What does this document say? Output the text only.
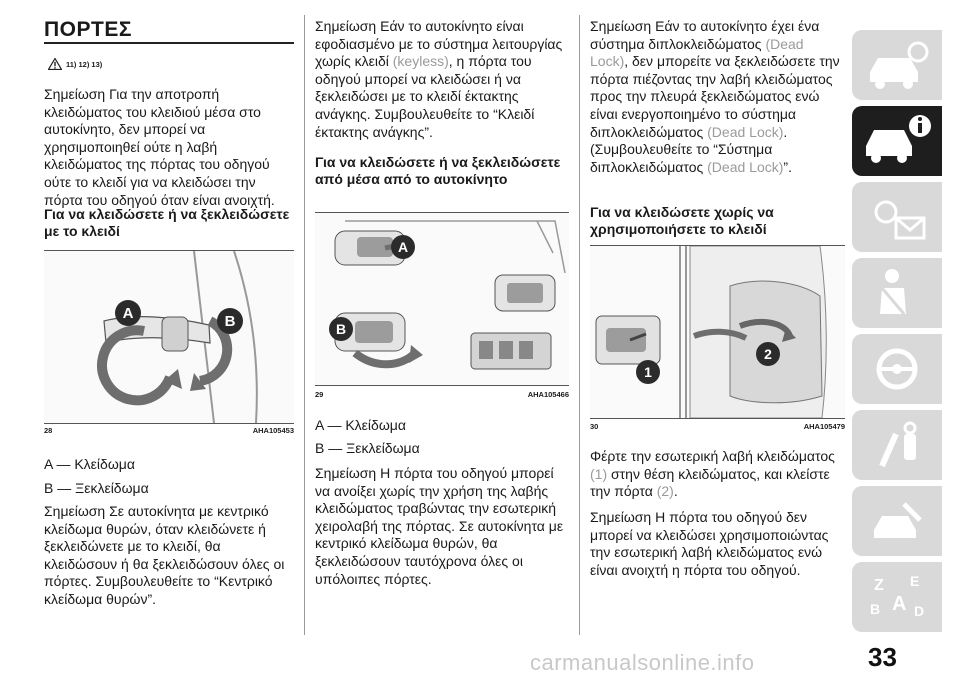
ΠΟΡΤΕΣ
11) 12) 13)

Σημείωση Για την αποτροπή κλειδώματος του κλειδιού μέσα στο αυτοκίνητο, δεν μπορεί να χρησιμοποιηθεί ούτε η λαβή κλειδώματος της πόρτας του οδηγού ούτε το κλειδί για να κλειδώσει την πόρτα του οδηγού όταν είναι ανοιχτή.

Για να κλειδώσετε ή να ξεκλειδώσετε με το κλειδί

A	B
28	AHA105453

A — Κλείδωμα

B — Ξεκλείδωμα

Σημείωση Σε αυτοκίνητα με κεντρικό κλείδωμα θυρών, όταν κλειδώνετε ή ξεκλειδώνετε με το κλειδί, θα κλειδώσουν ή θα ξεκλειδώσουν όλες οι πόρτες. Συμβουλευθείτε το “Κεντρικό κλείδωμα θυρών”.

Σημείωση Εάν το αυτοκίνητο είναι εφοδιασμένο με το σύστημα λειτουργίας χωρίς κλειδί (keyless), η πόρτα του οδηγού μπορεί να κλειδώσει ή να ξεκλειδώσει με το κλειδί έκτακτης ανάγκης. Συμβουλευθείτε το “Κλειδί έκτακτης ανάγκης”.

Για να κλειδώσετε ή να ξεκλειδώσετε από μέσα από το αυτοκίνητο

A
B
29	AHA105466

A — Κλείδωμα

B — Ξεκλείδωμα

Σημείωση Η πόρτα του οδηγού μπορεί να ανοίξει χωρίς την χρήση της λαβής κλειδώματος τραβώντας την εσωτερική χειρολαβή της πόρτας. Σε αυτοκίνητα με κεντρικό κλείδωμα θυρών, θα ξεκλειδώσουν ταυτόχρονα όλες οι υπόλοιπες πόρτες.

Σημείωση Εάν το αυτοκίνητο έχει ένα σύστημα διπλοκλειδώματος (Dead Lock), δεν μπορείτε να ξεκλειδώσετε την πόρτα πιέζοντας την λαβή κλειδώματος προς την πλευρά ξεκλειδώματος ενώ είναι ενεργοποιημένο το σύστημα διπλοκλειδώματος (Dead Lock). (Συμβουλευθείτε το “Σύστημα διπλοκλειδώματος (Dead Lock)”.

Για να κλειδώσετε χωρίς να χρησιμοποιήσετε το κλειδί

1
2
30	AHA105479

Φέρτε την εσωτερική λαβή κλειδώματος (1) στην θέση κλειδώματος, και κλείστε την πόρτα (2).

Σημείωση Η πόρτα του οδηγού δεν μπορεί να κλειδώσει χρησιμοποιώντας την εσωτερική λαβή κλειδώματος ενώ είναι ανοιχτή η πόρτα του οδηγού.

Z E
B A D
carmanualsonline.info	33
